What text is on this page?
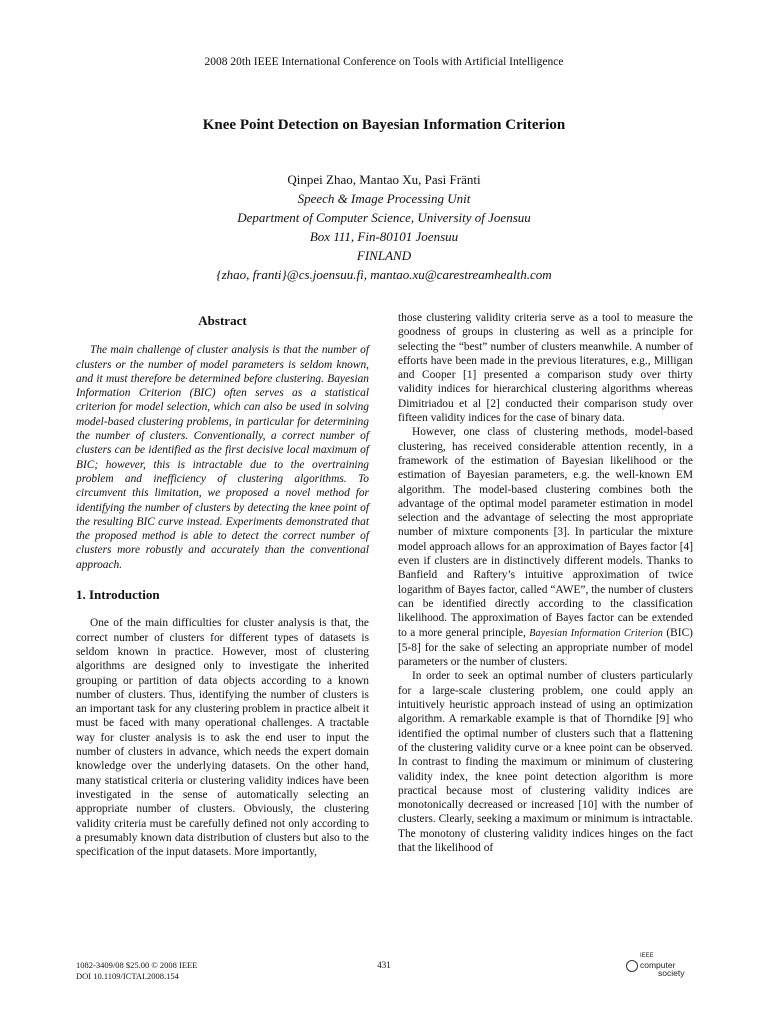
2008 20th IEEE International Conference on Tools with Artificial Intelligence
Knee Point Detection on Bayesian Information Criterion
Qinpei Zhao, Mantao Xu, Pasi Fränti
Speech & Image Processing Unit
Department of Computer Science, University of Joensuu
Box 111, Fin-80101 Joensuu
FINLAND
{zhao, franti}@cs.joensuu.fi, mantao.xu@carestreamhealth.com
Abstract

The main challenge of cluster analysis is that the number of clusters or the number of model parameters is seldom known, and it must therefore be determined before clustering. Bayesian Information Criterion (BIC) often serves as a statistical criterion for model selection, which can also be used in solving model-based clustering problems, in particular for determining the number of clusters. Conventionally, a correct number of clusters can be identified as the first decisive local maximum of BIC; however, this is intractable due to the overtraining problem and inefficiency of clustering algorithms. To circumvent this limitation, we proposed a novel method for identifying the number of clusters by detecting the knee point of the resulting BIC curve instead. Experiments demonstrated that the proposed method is able to detect the correct number of clusters more robustly and accurately than the conventional approach.

1. Introduction

One of the main difficulties for cluster analysis is that, the correct number of clusters for different types of datasets is seldom known in practice. However, most of clustering algorithms are designed only to investigate the inherited grouping or partition of data objects according to a known number of clusters. Thus, identifying the number of clusters is an important task for any clustering problem in practice albeit it must be faced with many operational challenges. A tractable way for cluster analysis is to ask the end user to input the number of clusters in advance, which needs the expert domain knowledge over the underlying datasets. On the other hand, many statistical criteria or clustering validity indices have been investigated in the sense of automatically selecting an appropriate number of clusters. Obviously, the clustering validity criteria must be carefully defined not only according to a presumably known data distribution of clusters but also to the specification of the input datasets. More importantly,

those clustering validity criteria serve as a tool to measure the goodness of groups in clustering as well as a principle for selecting the “best” number of clusters meanwhile. A number of efforts have been made in the previous literatures, e.g., Milligan and Cooper [1] presented a comparison study over thirty validity indices for hierarchical clustering algorithms whereas Dimitriadou et al [2] conducted their comparison study over fifteen validity indices for the case of binary data.

However, one class of clustering methods, model-based clustering, has received considerable attention recently, in a framework of the estimation of Bayesian likelihood or the estimation of Bayesian parameters, e.g. the well-known EM algorithm. The model-based clustering combines both the advantage of the optimal model parameter estimation in model selection and the advantage of selecting the most appropriate number of mixture components [3]. In particular the mixture model approach allows for an approximation of Bayes factor [4] even if clusters are in distinctively different models. Thanks to Banfield and Raftery’s intuitive approximation of twice logarithm of Bayes factor, called “AWE”, the number of clusters can be identified directly according to the classification likelihood. The approximation of Bayes factor can be extended to a more general principle, Bayesian Information Criterion (BIC) [5-8] for the sake of selecting an appropriate number of model parameters or the number of clusters.

In order to seek an optimal number of clusters particularly for a large-scale clustering problem, one could apply an intuitively heuristic approach instead of using an optimization algorithm. A remarkable example is that of Thorndike [9] who identified the optimal number of clusters such that a flattening of the clustering validity curve or a knee point can be observed. In contrast to finding the maximum or minimum of clustering validity index, the knee point detection algorithm is more practical because most of clustering validity indices are monotonically decreased or increased [10] with the number of clusters. Clearly, seeking a maximum or minimum is intractable. The monotony of clustering validity indices hinges on the fact that the likelihood of

1082-3409/08 $25.00 © 2008 IEEE
DOI 10.1109/ICTAI.2008.154
431
IEEE
computer
society
